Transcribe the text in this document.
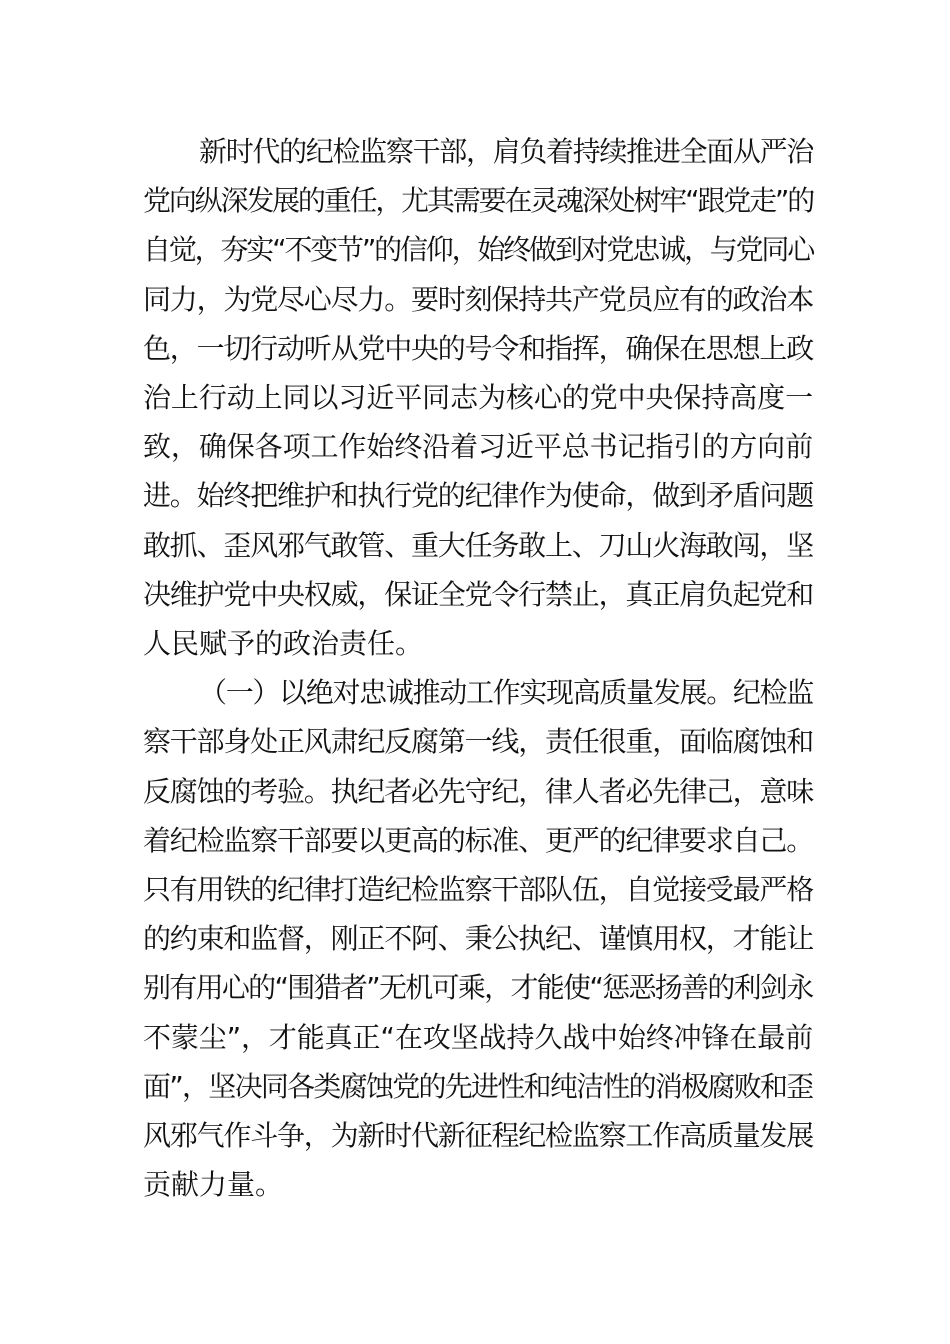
新时代的纪检监察干部，肩负着持续推进全面从严治
党向纵深发展的重任，尤其需要在灵魂深处树牢“跟党走”的
自觉，夯实“不变节”的信仰，始终做到对党忠诚，与党同心
同力，为党尽心尽力。要时刻保持共产党员应有的政治本
色，一切行动听从党中央的号令和指挥，确保在思想上政
治上行动上同以习近平同志为核心的党中央保持高度一
致，确保各项工作始终沿着习近平总书记指引的方向前
进。始终把维护和执行党的纪律作为使命，做到矛盾问题
敢抓、歪风邪气敢管、重大任务敢上、刀山火海敢闯，坚
决维护党中央权威，保证全党令行禁止，真正肩负起党和
人民赋予的政治责任。
（一）以绝对忠诚推动工作实现高质量发展。纪检监
察干部身处正风肃纪反腐第一线，责任很重，面临腐蚀和
反腐蚀的考验。执纪者必先守纪，律人者必先律己，意味
着纪检监察干部要以更高的标准、更严的纪律要求自己。
只有用铁的纪律打造纪检监察干部队伍，自觉接受最严格
的约束和监督，刚正不阿、秉公执纪、谨慎用权，才能让
别有用心的“围猎者”无机可乘，才能使“惩恶扬善的利剑永
不蒙尘”，才能真正“在攻坚战持久战中始终冲锋在最前
面”，坚决同各类腐蚀党的先进性和纯洁性的消极腐败和歪
风邪气作斗争，为新时代新征程纪检监察工作高质量发展
贡献力量。
